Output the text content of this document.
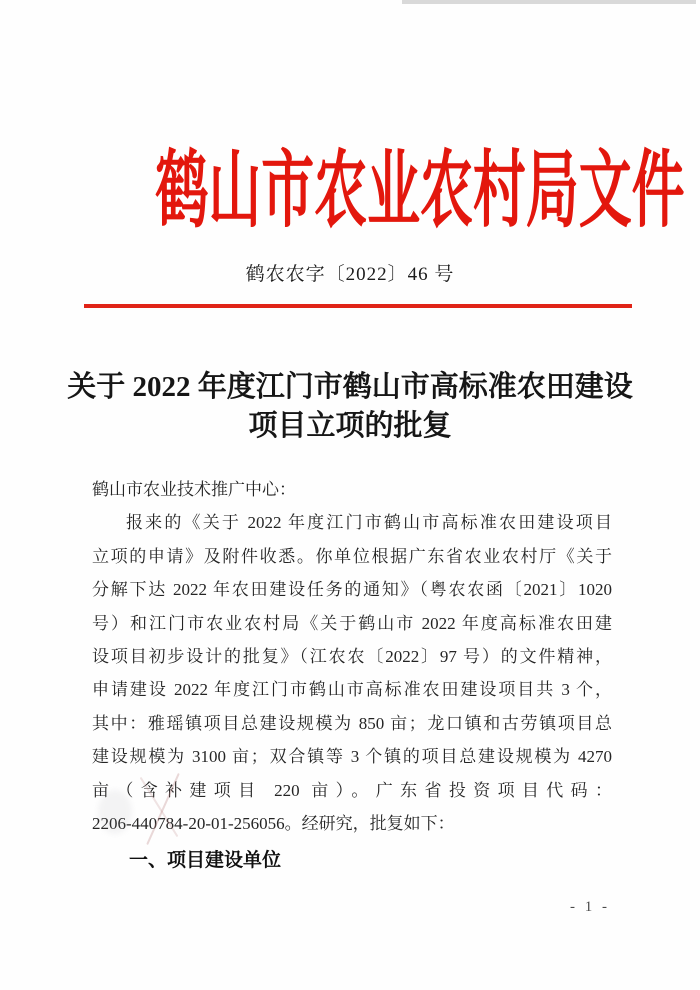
鹤山市农业农村局文件
鹤农农字〔2022〕46 号
关于 2022 年度江门市鹤山市高标准农田建设
项目立项的批复
鹤山市农业技术推广中心：
报来的《关于 2022 年度江门市鹤山市高标准农田建设项目
立项的申请》及附件收悉。你单位根据广东省农业农村厅《关于
分解下达 2022 年农田建设任务的通知》（粤农农函〔2021〕1020
号）和江门市农业农村局《关于鹤山市 2022 年度高标准农田建
设项目初步设计的批复》（江农农〔2022〕97 号）的文件精神，
申请建设 2022 年度江门市鹤山市高标准农田建设项目共 3 个，
其中：雅瑶镇项目总建设规模为 850 亩；龙口镇和古劳镇项目总
建设规模为 3100 亩；双合镇等 3 个镇的项目总建设规模为 4270
亩（含补建项目 220 亩）。广东省投资项目代码：
2206-440784-20-01-256056。经研究，批复如下：
一、项目建设单位
- 1 -
